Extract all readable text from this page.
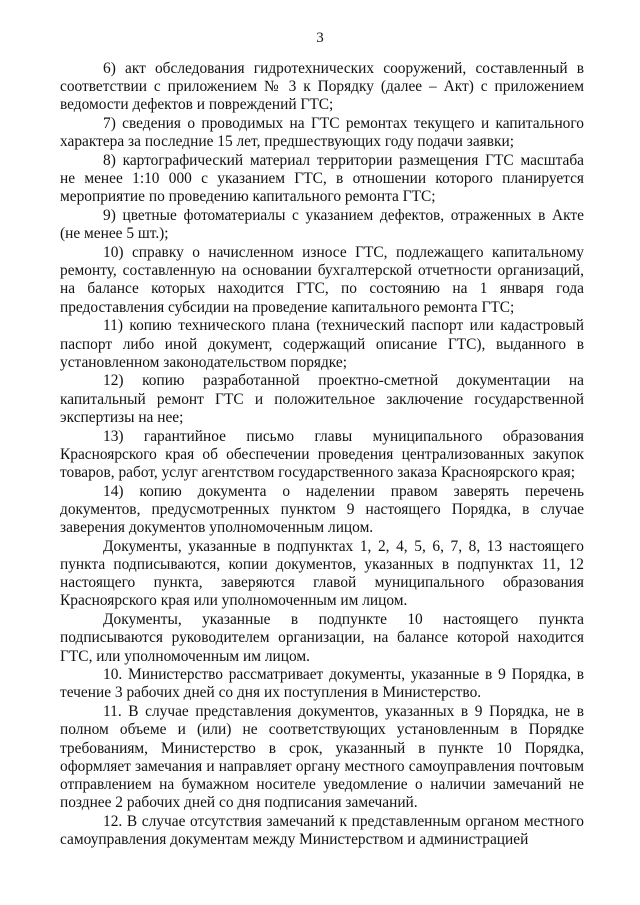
3

6) акт обследования гидротехнических сооружений, составленный в соответствии с приложением № 3 к Порядку (далее – Акт) с приложением ведомости дефектов и повреждений ГТС;

7) сведения о проводимых на ГТС ремонтах текущего и капитального характера за последние 15 лет, предшествующих году подачи заявки;

8) картографический материал территории размещения ГТС масштаба не менее 1:10 000 с указанием ГТС, в отношении которого планируется мероприятие по проведению капитального ремонта ГТС;

9) цветные фотоматериалы с указанием дефектов, отраженных в Акте (не менее 5 шт.);

10) справку о начисленном износе ГТС, подлежащего капитальному ремонту, составленную на основании бухгалтерской отчетности организаций, на балансе которых находится ГТС, по состоянию на 1 января года предоставления субсидии на проведение капитального ремонта ГТС;

11) копию технического плана (технический паспорт или кадастровый паспорт либо иной документ, содержащий описание ГТС), выданного в установленном законодательством порядке;

12) копию разработанной проектно-сметной документации на капитальный ремонт ГТС и положительное заключение государственной экспертизы на нее;

13) гарантийное письмо главы муниципального образования Красноярского края об обеспечении проведения централизованных закупок товаров, работ, услуг агентством государственного заказа Красноярского края;

14) копию документа о наделении правом заверять перечень документов, предусмотренных пунктом 9 настоящего Порядка, в случае заверения документов уполномоченным лицом.

Документы, указанные в подпунктах 1, 2, 4, 5, 6, 7, 8, 13 настоящего пункта подписываются, копии документов, указанных в подпунктах 11, 12 настоящего пункта, заверяются главой муниципального образования Красноярского края или уполномоченным им лицом.

Документы, указанные в подпункте 10 настоящего пункта подписываются руководителем организации, на балансе которой находится ГТС, или уполномоченным им лицом.

10. Министерство рассматривает документы, указанные в 9 Порядка, в течение 3 рабочих дней со дня их поступления в Министерство.

11. В случае представления документов, указанных в 9 Порядка, не в полном объеме и (или) не соответствующих установленным в Порядке требованиям, Министерство в срок, указанный в пункте 10 Порядка, оформляет замечания и направляет органу местного самоуправления почтовым отправлением на бумажном носителе уведомление о наличии замечаний не позднее 2 рабочих дней со дня подписания замечаний.

12. В случае отсутствия замечаний к представленным органом местного самоуправления документам между Министерством и администрацией
